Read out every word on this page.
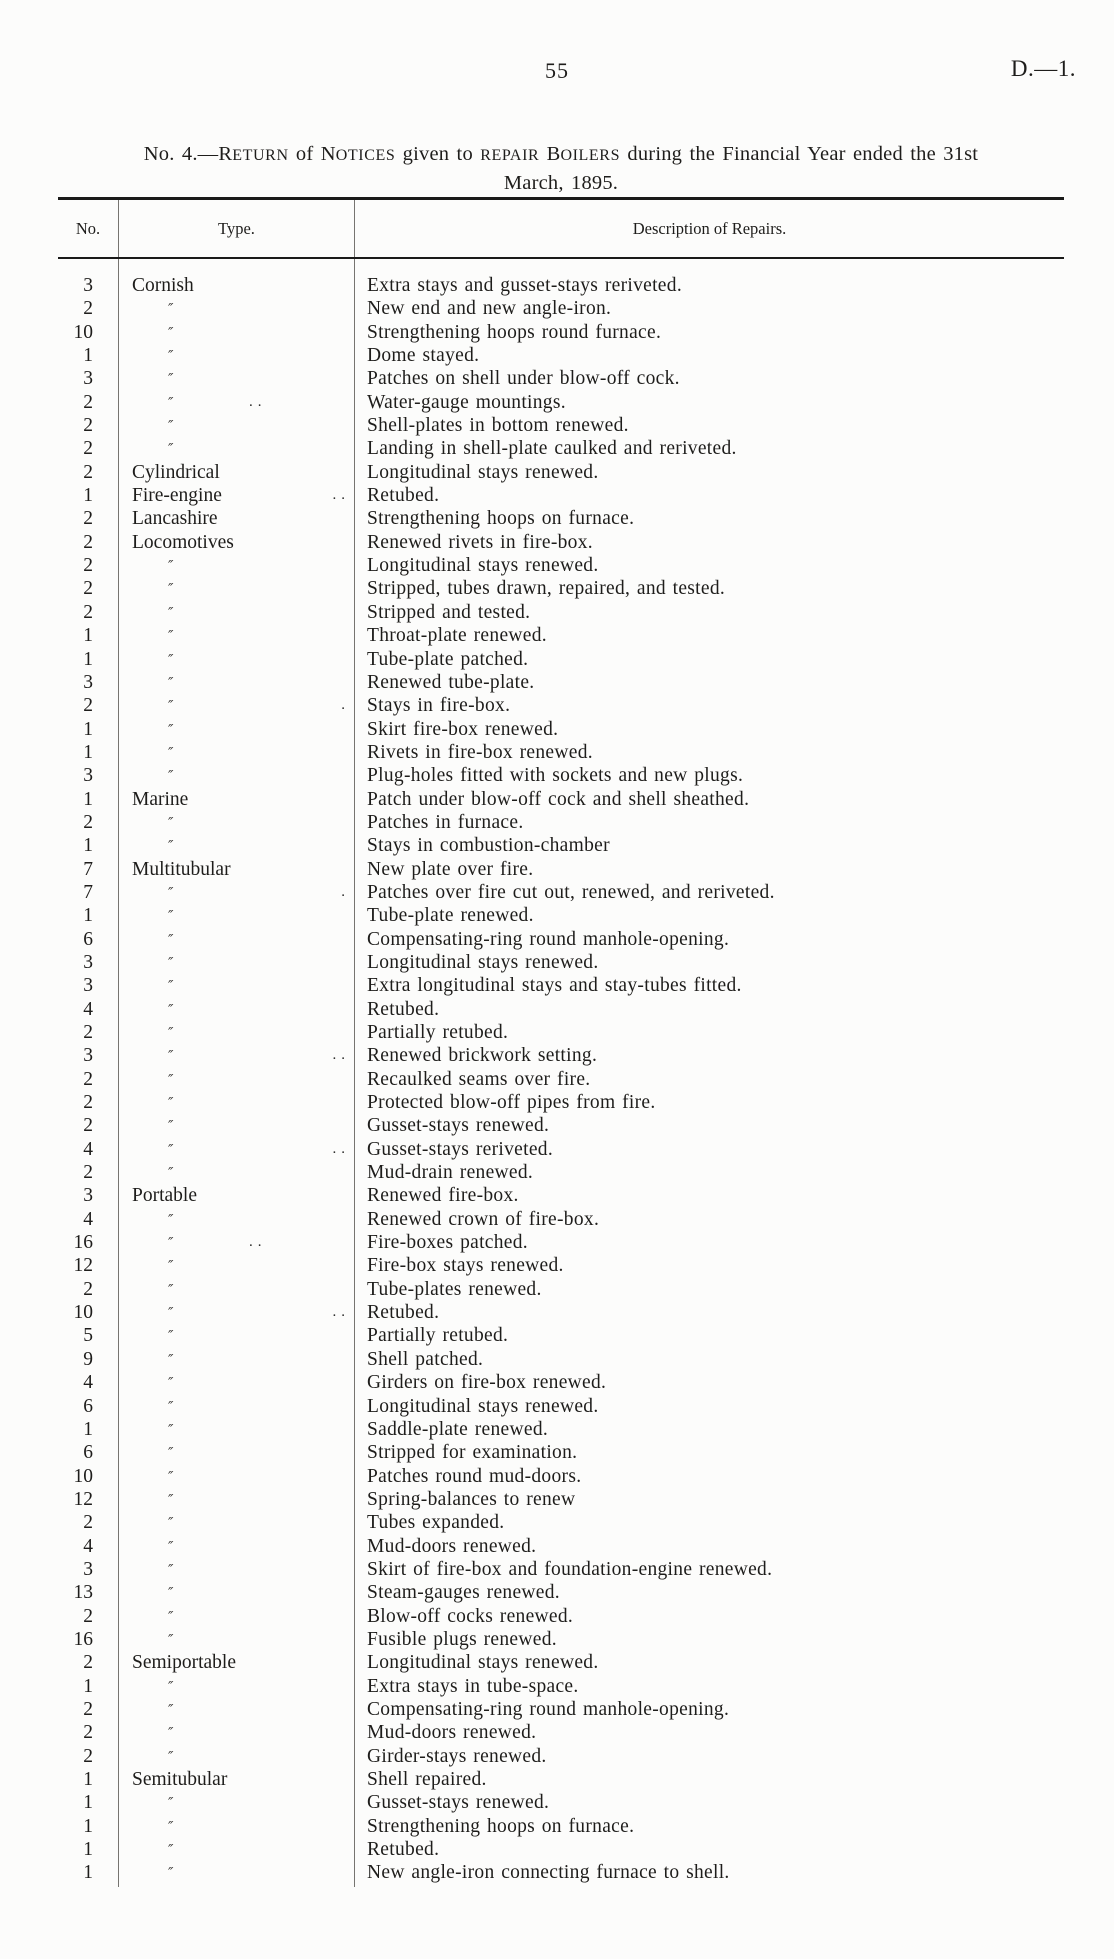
55	D.—1.
No. 4.—RETURN of NOTICES given to REPAIR BOILERS during the Financial Year ended the 31st
March, 1895.
No.	Type.	Description of Repairs.
3	Cornish	Extra stays and gusset-stays reriveted.
2	″	New end and new angle-iron.
10	″	Strengthening hoops round furnace.
1	″	Dome stayed.
3	″	Patches on shell under blow-off cock.
2	″	..	Water-gauge mountings.
2	″	Shell-plates in bottom renewed.
2	″	Landing in shell-plate caulked and reriveted.
2	Cylindrical	Longitudinal stays renewed.
1	Fire-engine	.. Retubed.
2	Lancashire	Strengthening hoops on furnace.
2	Locomotives	Renewed rivets in fire-box.
2	″	Longitudinal stays renewed.
2	″	Stripped, tubes drawn, repaired, and tested.
2	″	Stripped and tested.
1	″	Throat-plate renewed.
1	″	Tube-plate patched.
3	″	Renewed tube-plate.
2	″	. Stays in fire-box.
1	″	Skirt fire-box renewed.
1	″	Rivets in fire-box renewed.
3	″	Plug-holes fitted with sockets and new plugs.
1	Marine	Patch under blow-off cock and shell sheathed.
2	″	Patches in furnace.
1	″	Stays in combustion-chamber
7	Multitubular	New plate over fire.
7	″	. Patches over fire cut out, renewed, and reriveted.
1	″	Tube-plate renewed.
6	″	Compensating-ring round manhole-opening.
3	″	Longitudinal stays renewed.
3	″	Extra longitudinal stays and stay-tubes fitted.
4	″	Retubed.
2	″	Partially retubed.
3	″	.. Renewed brickwork setting.
2	″	Recaulked seams over fire.
2	″	Protected blow-off pipes from fire.
2	″	Gusset-stays renewed.
4	″	.. Gusset-stays reriveted.
2	″	Mud-drain renewed.
3	Portable	Renewed fire-box.
4	″	Renewed crown of fire-box.
16	″	..	Fire-boxes patched.
12	″	Fire-box stays renewed.
2	″	Tube-plates renewed.
10	″	.. Retubed.
5	″	Partially retubed.
9	″	Shell patched.
4	″	Girders on fire-box renewed.
6	″	Longitudinal stays renewed.
1	″	Saddle-plate renewed.
6	″	Stripped for examination.
10	″	Patches round mud-doors.
12	″	Spring-balances to renew
2	″	Tubes expanded.
4	″	Mud-doors renewed.
3	″	Skirt of fire-box and foundation-engine renewed.
13	″	Steam-gauges renewed.
2	″	Blow-off cocks renewed.
16	″	Fusible plugs renewed.
2	Semiportable	Longitudinal stays renewed.
1	″	Extra stays in tube-space.
2	″	Compensating-ring round manhole-opening.
2	″	Mud-doors renewed.
2	″	Girder-stays renewed.
1	Semitubular	Shell repaired.
1	″	Gusset-stays renewed.
1	″	Strengthening hoops on furnace.
1	″	Retubed.
1	″	New angle-iron connecting furnace to shell.
